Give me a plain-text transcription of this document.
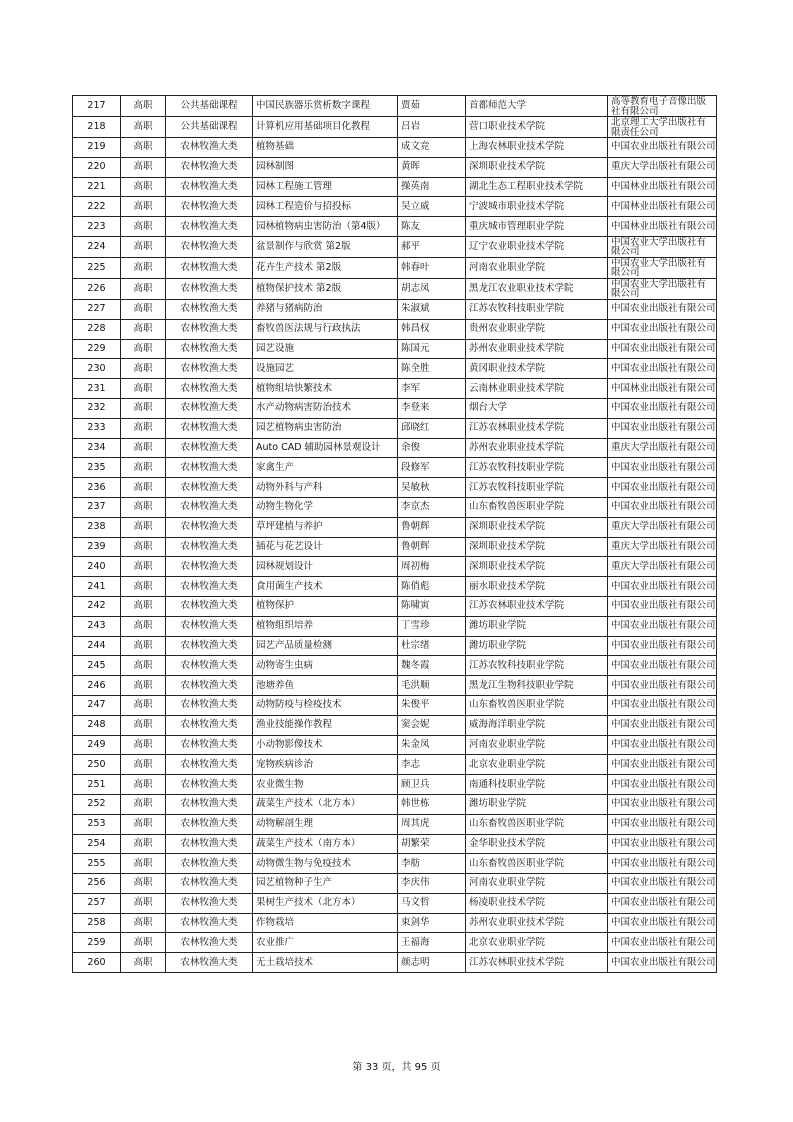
217	高职	公共基础课程	中国民族器乐赏析数字课程	贾茹	首都师范大学	高等教育电子音像出版社有限公司
218	高职	公共基础课程	计算机应用基础项目化教程	吕岩	营口职业技术学院	北京理工大学出版社有限责任公司
219	高职	农林牧渔大类	植物基础	成文竞	上海农林职业技术学院	中国农业出版社有限公司
220	高职	农林牧渔大类	园林制图	黄晖	深圳职业技术学院	重庆大学出版社有限公司
221	高职	农林牧渔大类	园林工程施工管理	操英南	湖北生态工程职业技术学院	中国林业出版社有限公司
222	高职	农林牧渔大类	园林工程造价与招投标	吴立威	宁波城市职业技术学院	中国林业出版社有限公司
223	高职	农林牧渔大类	园林植物病虫害防治（第4版）	陈友	重庆城市管理职业学院	中国林业出版社有限公司
224	高职	农林牧渔大类	盆景制作与欣赏 第2版	郝平	辽宁农业职业技术学院	中国农业大学出版社有限公司
225	高职	农林牧渔大类	花卉生产技术 第2版	韩春叶	河南农业职业学院	中国农业大学出版社有限公司
226	高职	农林牧渔大类	植物保护技术 第2版	胡志凤	黑龙江农业职业技术学院	中国农业大学出版社有限公司
227	高职	农林牧渔大类	养猪与猪病防治	朱淑斌	江苏农牧科技职业学院	中国农业出版社有限公司
228	高职	农林牧渔大类	畜牧兽医法规与行政执法	韩昌权	贵州农业职业学院	中国农业出版社有限公司
229	高职	农林牧渔大类	园艺设施	陈国元	苏州农业职业技术学院	中国农业出版社有限公司
230	高职	农林牧渔大类	设施园艺	陈全胜	黄冈职业技术学院	中国农业出版社有限公司
231	高职	农林牧渔大类	植物组培快繁技术	李军	云南林业职业技术学院	中国林业出版社有限公司
232	高职	农林牧渔大类	水产动物病害防治技术	李登来	烟台大学	中国农业出版社有限公司
233	高职	农林牧渔大类	园艺植物病虫害防治	邱晓红	江苏农林职业技术学院	中国农业出版社有限公司
234	高职	农林牧渔大类	Auto CAD 辅助园林景观设计	余俊	苏州农业职业技术学院	重庆大学出版社有限公司
235	高职	农林牧渔大类	家禽生产	段修军	江苏农牧科技职业学院	中国农业出版社有限公司
236	高职	农林牧渔大类	动物外科与产科	吴敏秋	江苏农牧科技职业学院	中国农业出版社有限公司
237	高职	农林牧渔大类	动物生物化学	李京杰	山东畜牧兽医职业学院	中国农业出版社有限公司
238	高职	农林牧渔大类	草坪建植与养护	鲁朝辉	深圳职业技术学院	重庆大学出版社有限公司
239	高职	农林牧渔大类	插花与花艺设计	鲁朝辉	深圳职业技术学院	重庆大学出版社有限公司
240	高职	农林牧渔大类	园林规划设计	周初梅	深圳职业技术学院	重庆大学出版社有限公司
241	高职	农林牧渔大类	食用菌生产技术	陈俏彪	丽水职业技术学院	中国农业出版社有限公司
242	高职	农林牧渔大类	植物保护	陈啸寅	江苏农林职业技术学院	中国农业出版社有限公司
243	高职	农林牧渔大类	植物组织培养	丁雪珍	潍坊职业学院	中国农业出版社有限公司
244	高职	农林牧渔大类	园艺产品质量检测	杜宗绪	潍坊职业学院	中国农业出版社有限公司
245	高职	农林牧渔大类	动物寄生虫病	魏冬霞	江苏农牧科技职业学院	中国农业出版社有限公司
246	高职	农林牧渔大类	池塘养鱼	毛洪顺	黑龙江生物科技职业学院	中国农业出版社有限公司
247	高职	农林牧渔大类	动物防疫与检疫技术	朱俊平	山东畜牧兽医职业学院	中国农业出版社有限公司
248	高职	农林牧渔大类	渔业技能操作教程	窦会妮	威海海洋职业学院	中国农业出版社有限公司
249	高职	农林牧渔大类	小动物影像技术	朱金凤	河南农业职业学院	中国农业出版社有限公司
250	高职	农林牧渔大类	宠物疾病诊治	李志	北京农业职业学院	中国农业出版社有限公司
251	高职	农林牧渔大类	农业微生物	顾卫兵	南通科技职业学院	中国农业出版社有限公司
252	高职	农林牧渔大类	蔬菜生产技术（北方本）	韩世栋	潍坊职业学院	中国农业出版社有限公司
253	高职	农林牧渔大类	动物解剖生理	周其虎	山东畜牧兽医职业学院	中国农业出版社有限公司
254	高职	农林牧渔大类	蔬菜生产技术（南方本）	胡繁荣	金华职业技术学院	中国农业出版社有限公司
255	高职	农林牧渔大类	动物微生物与免疫技术	李舫	山东畜牧兽医职业学院	中国农业出版社有限公司
256	高职	农林牧渔大类	园艺植物种子生产	李庆伟	河南农业职业学院	中国农业出版社有限公司
257	高职	农林牧渔大类	果树生产技术（北方本）	马文哲	杨凌职业技术学院	中国农业出版社有限公司
258	高职	农林牧渔大类	作物栽培	束剑华	苏州农业职业技术学院	中国农业出版社有限公司
259	高职	农林牧渔大类	农业推广	王福海	北京农业职业学院	中国农业出版社有限公司
260	高职	农林牧渔大类	无土栽培技术	颜志明	江苏农林职业技术学院	中国农业出版社有限公司
第 33 页，共 95 页
